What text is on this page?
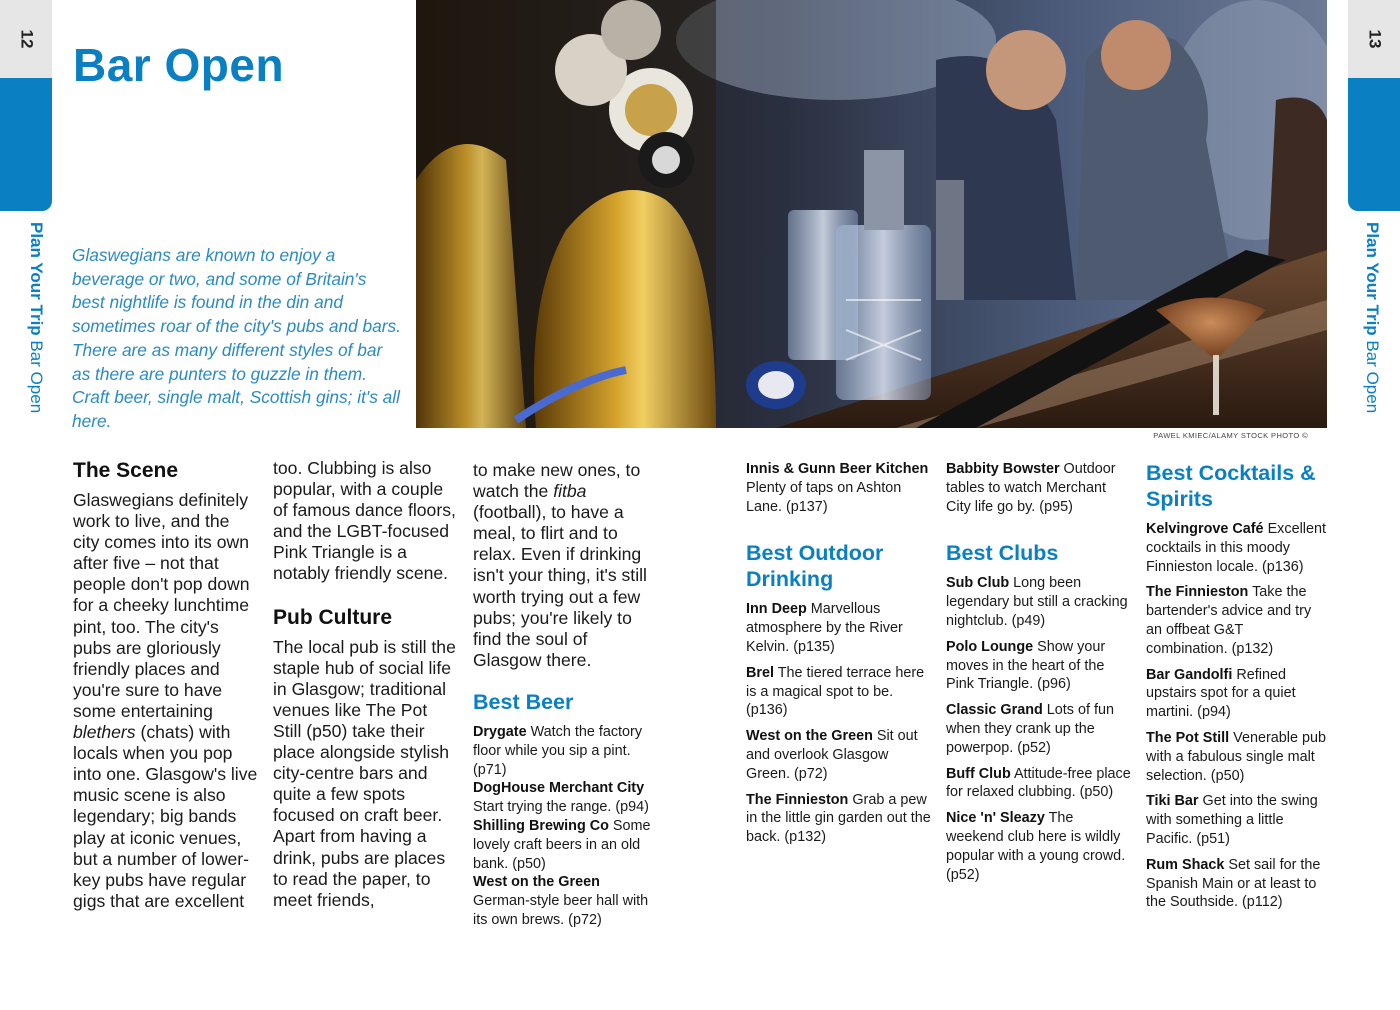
12
Plan Your Trip Bar Open
13
Plan Your Trip Bar Open
Bar Open

Glaswegians are known to enjoy a beverage or two, and some of Britain's best nightlife is found in the din and sometimes roar of the city's pubs and bars. There are as many different styles of bar as there are punters to guzzle in them. Craft beer, single malt, Scottish gins; it's all here.

PAWEL KMIEC/ALAMY STOCK PHOTO ©
The Scene

Glaswegians definitely work to live, and the city comes into its own after five – not that people don't pop down for a cheeky lunchtime pint, too. The city's pubs are gloriously friendly places and you're sure to have some entertaining blethers (chats) with locals when you pop into one. Glasgow's live music scene is also legendary; big bands play at iconic venues, but a number of lower-key pubs have regular gigs that are excellent

too. Clubbing is also popular, with a couple of famous dance floors, and the LGBT-focused Pink Triangle is a notably friendly scene.

Pub Culture

The local pub is still the staple hub of social life in Glasgow; traditional venues like The Pot Still (p50) take their place alongside stylish city-centre bars and quite a few spots focused on craft beer. Apart from having a drink, pubs are places to read the paper, to meet friends,

to make new ones, to watch the fitba (football), to have a meal, to flirt and to relax. Even if drinking isn't your thing, it's still worth trying out a few pubs; you're likely to find the soul of Glasgow there.

Best Beer

Drygate Watch the factory floor while you sip a pint. (p71)

DogHouse Merchant City Start trying the range. (p94)

Shilling Brewing Co Some lovely craft beers in an old bank. (p50)

West on the Green German-style beer hall with its own brews. (p72)

Innis & Gunn Beer Kitchen Plenty of taps on Ashton Lane. (p137)

Best Outdoor Drinking

Inn Deep Marvellous atmosphere by the River Kelvin. (p135)

Brel The tiered terrace here is a magical spot to be. (p136)

West on the Green Sit out and overlook Glasgow Green. (p72)

The Finnieston Grab a pew in the little gin garden out the back. (p132)

Babbity Bowster Outdoor tables to watch Merchant City life go by. (p95)

Best Clubs

Sub Club Long been legendary but still a cracking nightclub. (p49)

Polo Lounge Show your moves in the heart of the Pink Triangle. (p96)

Classic Grand Lots of fun when they crank up the powerpop. (p52)

Buff Club Attitude-free place for relaxed clubbing. (p50)

Nice 'n' Sleazy The weekend club here is wildly popular with a young crowd. (p52)

Best Cocktails & Spirits

Kelvingrove Café Excellent cocktails in this moody Finnieston locale. (p136)

The Finnieston Take the bartender's advice and try an offbeat G&T combination. (p132)

Bar Gandolfi Refined upstairs spot for a quiet martini. (p94)

The Pot Still Venerable pub with a fabulous single malt selection. (p50)

Tiki Bar Get into the swing with something a little Pacific. (p51)

Rum Shack Set sail for the Spanish Main or at least to the Southside. (p112)
